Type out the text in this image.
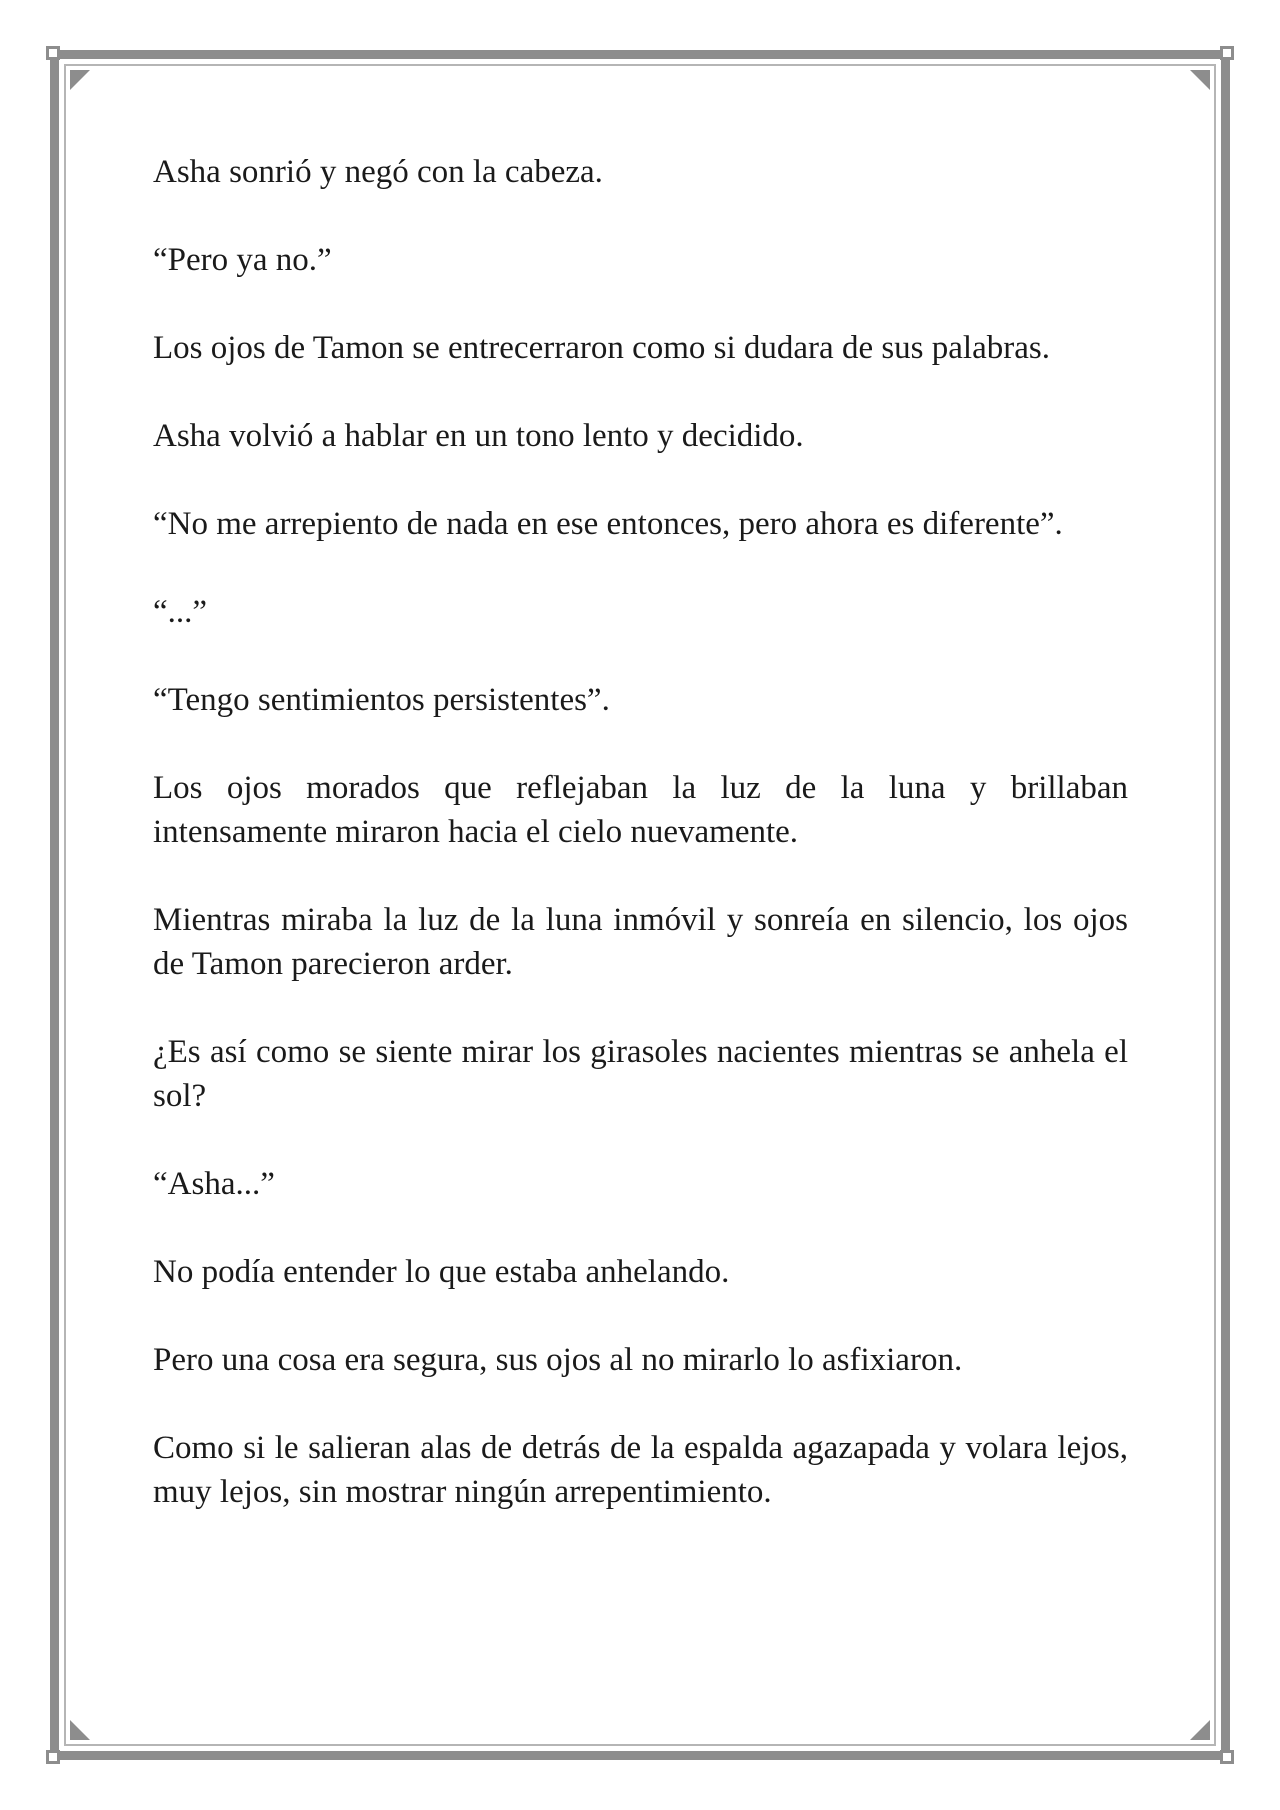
Asha sonrió y negó con la cabeza.

“Pero ya no.”

Los ojos de Tamon se entrecerraron como si dudara de sus palabras.

Asha volvió a hablar en un tono lento y decidido.

“No me arrepiento de nada en ese entonces, pero ahora es diferente”.

“...”

“Tengo sentimientos persistentes”.

Los ojos morados que reflejaban la luz de la luna y brillaban intensamente miraron hacia el cielo nuevamente.

Mientras miraba la luz de la luna inmóvil y sonreía en silencio, los ojos de Tamon parecieron arder.

¿Es así como se siente mirar los girasoles nacientes mientras se anhela el sol?

“Asha...”

No podía entender lo que estaba anhelando.

Pero una cosa era segura, sus ojos al no mirarlo lo asfixiaron.

Como si le salieran alas de detrás de la espalda agazapada y volara lejos, muy lejos, sin mostrar ningún arrepentimiento.
